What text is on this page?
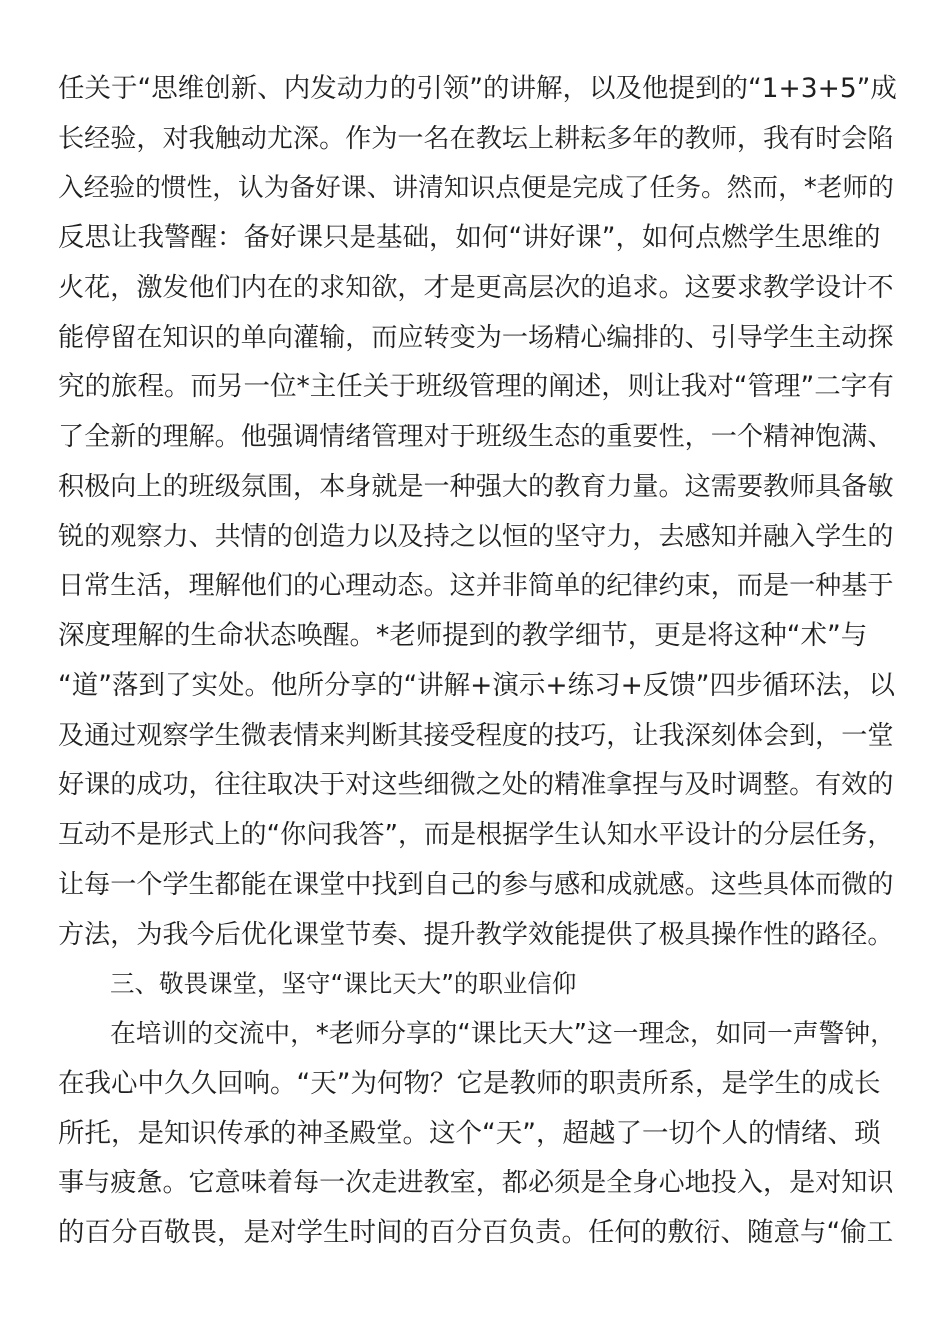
任关于“思维创新、内发动力的引领”的讲解，以及他提到的“1+3+5”成
长经验，对我触动尤深。作为一名在教坛上耕耘多年的教师，我有时会陷
入经验的惯性，认为备好课、讲清知识点便是完成了任务。然而，*老师的
反思让我警醒：备好课只是基础，如何“讲好课”，如何点燃学生思维的
火花，激发他们内在的求知欲，才是更高层次的追求。这要求教学设计不
能停留在知识的单向灌输，而应转变为一场精心编排的、引导学生主动探
究的旅程。而另一位*主任关于班级管理的阐述，则让我对“管理”二字有
了全新的理解。他强调情绪管理对于班级生态的重要性，一个精神饱满、
积极向上的班级氛围，本身就是一种强大的教育力量。这需要教师具备敏
锐的观察力、共情的创造力以及持之以恒的坚守力，去感知并融入学生的
日常生活，理解他们的心理动态。这并非简单的纪律约束，而是一种基于
深度理解的生命状态唤醒。*老师提到的教学细节，更是将这种“术”与
“道”落到了实处。他所分享的“讲解+演示+练习+反馈”四步循环法，以
及通过观察学生微表情来判断其接受程度的技巧，让我深刻体会到，一堂
好课的成功，往往取决于对这些细微之处的精准拿捏与及时调整。有效的
互动不是形式上的“你问我答”，而是根据学生认知水平设计的分层任务，
让每一个学生都能在课堂中找到自己的参与感和成就感。这些具体而微的
方法，为我今后优化课堂节奏、提升教学效能提供了极具操作性的路径。
三、敬畏课堂，坚守“课比天大”的职业信仰
在培训的交流中，*老师分享的“课比天大”这一理念，如同一声警钟，
在我心中久久回响。“天”为何物？它是教师的职责所系，是学生的成长
所托，是知识传承的神圣殿堂。这个“天”，超越了一切个人的情绪、琐
事与疲惫。它意味着每一次走进教室，都必须是全身心地投入，是对知识
的百分百敬畏，是对学生时间的百分百负责。任何的敷衍、随意与“偷工
